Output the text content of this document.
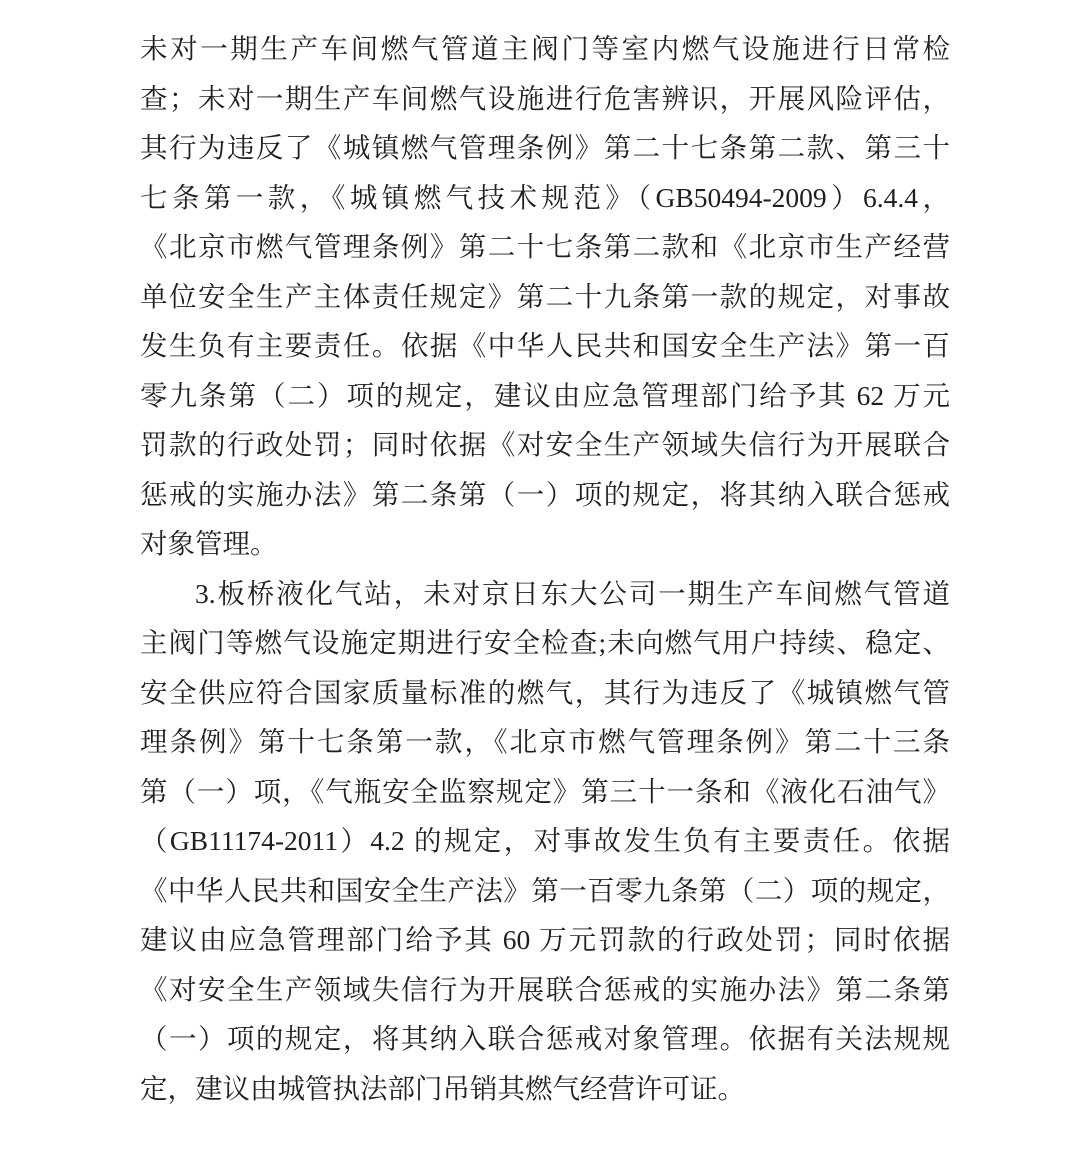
未对一期生产车间燃气管道主阀门等室内燃气设施进行日常检
查；未对一期生产车间燃气设施进行危害辨识，开展风险评估，
其行为违反了《城镇燃气管理条例》第二十七条第二款、第三十
七条第一款，《城镇燃气技术规范》（GB50494-2009）6.4.4，
《北京市燃气管理条例》第二十七条第二款和《北京市生产经营
单位安全生产主体责任规定》第二十九条第一款的规定，对事故
发生负有主要责任。依据《中华人民共和国安全生产法》第一百
零九条第（二）项的规定，建议由应急管理部门给予其 62 万元
罚款的行政处罚；同时依据《对安全生产领域失信行为开展联合
惩戒的实施办法》第二条第（一）项的规定，将其纳入联合惩戒
对象管理。
3.板桥液化气站，未对京日东大公司一期生产车间燃气管道
主阀门等燃气设施定期进行安全检查;未向燃气用户持续、稳定、
安全供应符合国家质量标准的燃气，其行为违反了《城镇燃气管
理条例》第十七条第一款，《北京市燃气管理条例》第二十三条
第（一）项，《气瓶安全监察规定》第三十一条和《液化石油气》
（GB11174-2011）4.2 的规定，对事故发生负有主要责任。依据
《中华人民共和国安全生产法》第一百零九条第（二）项的规定，
建议由应急管理部门给予其 60 万元罚款的行政处罚；同时依据
《对安全生产领域失信行为开展联合惩戒的实施办法》第二条第
（一）项的规定，将其纳入联合惩戒对象管理。依据有关法规规
定，建议由城管执法部门吊销其燃气经营许可证。
